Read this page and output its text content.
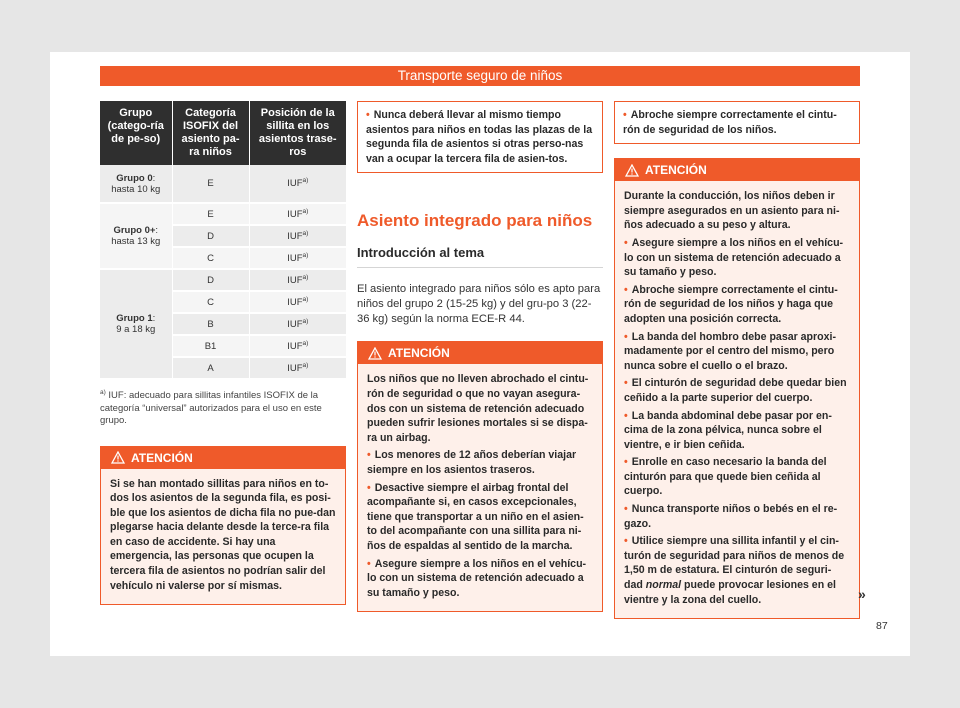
Transporte seguro de niños
Grupo (catego-ría de pe-so)	Categoría ISOFIX del asiento pa-ra niños	Posición de la sillita en los asientos trase-ros
Grupo 0:
hasta 10 kg	E	IUF$^{a)}$
Grupo 0+:
hasta 13 kg	E	IUF$^{a)}$
	D	IUF$^{a)}$
	C	IUF$^{a)}$
Grupo 1:
9 a 18 kg	D	IUF$^{a)}$
	C	IUF$^{a)}$
	B	IUF$^{a)}$
	B1	IUF$^{a)}$
	A	IUF$^{a)}$

$^{a)}$ IUF: adecuado para sillitas infantiles ISOFIX de la categoría “universal” autorizados para el uso en este grupo.

ATENCIÓN

Si se han montado sillitas para niños en to-dos los asientos de la segunda fila, es posi-ble que los asientos de dicha fila no pue-dan plegarse hacia delante desde la terce-ra fila en caso de accidente. Si hay una emergencia, las personas que ocupen la tercera fila de asientos no podrían salir del vehículo ni valerse por sí mismas.

• Nunca deberá llevar al mismo tiempo asientos para niños en todas las plazas de la segunda fila de asientos si otras perso-nas van a ocupar la tercera fila de asien-tos.
Asiento integrado para niños
Introducción al tema

El asiento integrado para niños sólo es apto para niños del grupo 2 (15-25 kg) y del gru-po 3 (22-36 kg) según la norma ECE-R 44.

ATENCIÓN

Los niños que no lleven abrochado el cintu-rón de seguridad o que no vayan asegura-dos con un sistema de retención adecuado pueden sufrir lesiones mortales si se dispa-ra un airbag.

• Los menores de 12 años deberían viajar siempre en los asientos traseros.

• Desactive siempre el airbag frontal del acompañante si, en casos excepcionales, tiene que transportar a un niño en el asien-to del acompañante con una sillita para ni-ños de espaldas al sentido de la marcha.

• Asegure siempre a los niños en el vehícu-lo con un sistema de retención adecuado a su tamaño y peso.

• Abroche siempre correctamente el cintu-rón de seguridad de los niños.
ATENCIÓN

Durante la conducción, los niños deben ir siempre asegurados en un asiento para ni-ños adecuado a su peso y altura.

• Asegure siempre a los niños en el vehícu-lo con un sistema de retención adecuado a su tamaño y peso.

• Abroche siempre correctamente el cintu-rón de seguridad de los niños y haga que adopten una posición correcta.

• La banda del hombro debe pasar aproxi-madamente por el centro del mismo, pero nunca sobre el cuello o el brazo.

• El cinturón de seguridad debe quedar bien ceñido a la parte superior del cuerpo.

• La banda abdominal debe pasar por en-cima de la zona pélvica, nunca sobre el vientre, e ir bien ceñida.

• Enrolle en caso necesario la banda del cinturón para que quede bien ceñida al cuerpo.

• Nunca transporte niños o bebés en el re-gazo.

• Utilice siempre una sillita infantil y el cin-turón de seguridad para niños de menos de 1,50 m de estatura. El cinturón de seguri-dad normal puede provocar lesiones en el vientre y la zona del cuello.	»
87
